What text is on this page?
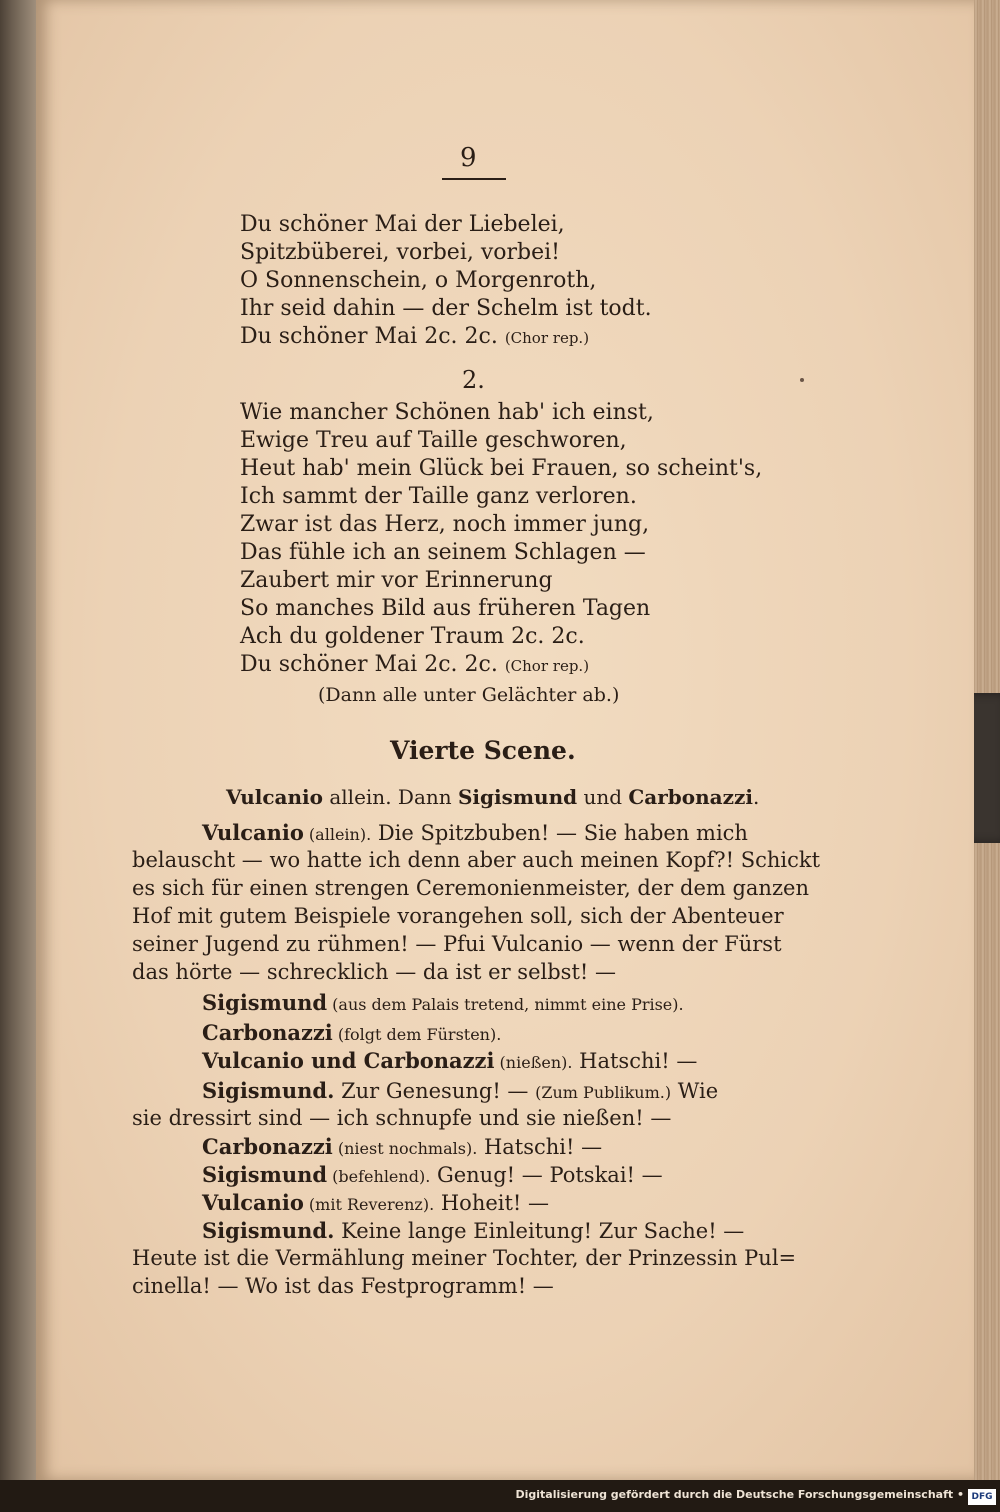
9
Du schöner Mai der Liebelei,
Spitzbüberei, vorbei, vorbei!
O Sonnenschein, o Morgenroth,
Ihr seid dahin — der Schelm ist todt.
Du schöner Mai 2c. 2c. (Chor rep.)
2.
Wie mancher Schönen hab' ich einst,
Ewige Treu auf Taille geschworen,
Heut hab' mein Glück bei Frauen, so scheint's,
Ich sammt der Taille ganz verloren.
Zwar ist das Herz, noch immer jung,
Das fühle ich an seinem Schlagen —
Zaubert mir vor Erinnerung
So manches Bild aus früheren Tagen
Ach du goldener Traum 2c. 2c.
Du schöner Mai 2c. 2c. (Chor rep.)
(Dann alle unter Gelächter ab.)
Vierte Scene.
Vulcanio allein. Dann Sigismund und Carbonazzi.
Vulcanio (allein). Die Spitzbuben! — Sie haben mich
belauscht — wo hatte ich denn aber auch meinen Kopf?! Schickt
es sich für einen strengen Ceremonienmeister, der dem ganzen
Hof mit gutem Beispiele vorangehen soll, sich der Abenteuer
seiner Jugend zu rühmen! — Pfui Vulcanio — wenn der Fürst
das hörte — schrecklich — da ist er selbst! —
Sigismund (aus dem Palais tretend, nimmt eine Prise).
Carbonazzi (folgt dem Fürsten).
Vulcanio und Carbonazzi (nießen). Hatschi! —
Sigismund. Zur Genesung! — (Zum Publikum.) Wie
sie dressirt sind — ich schnupfe und sie nießen! —
Carbonazzi (niest nochmals). Hatschi! —
Sigismund (befehlend). Genug! — Potskai! —
Vulcanio (mit Reverenz). Hoheit! —
Sigismund. Keine lange Einleitung! Zur Sache! —
Heute ist die Vermählung meiner Tochter, der Prinzessin Pul=
cinella! — Wo ist das Festprogramm! —
Digitalisierung gefördert durch die Deutsche Forschungsgemeinschaft • DFG
